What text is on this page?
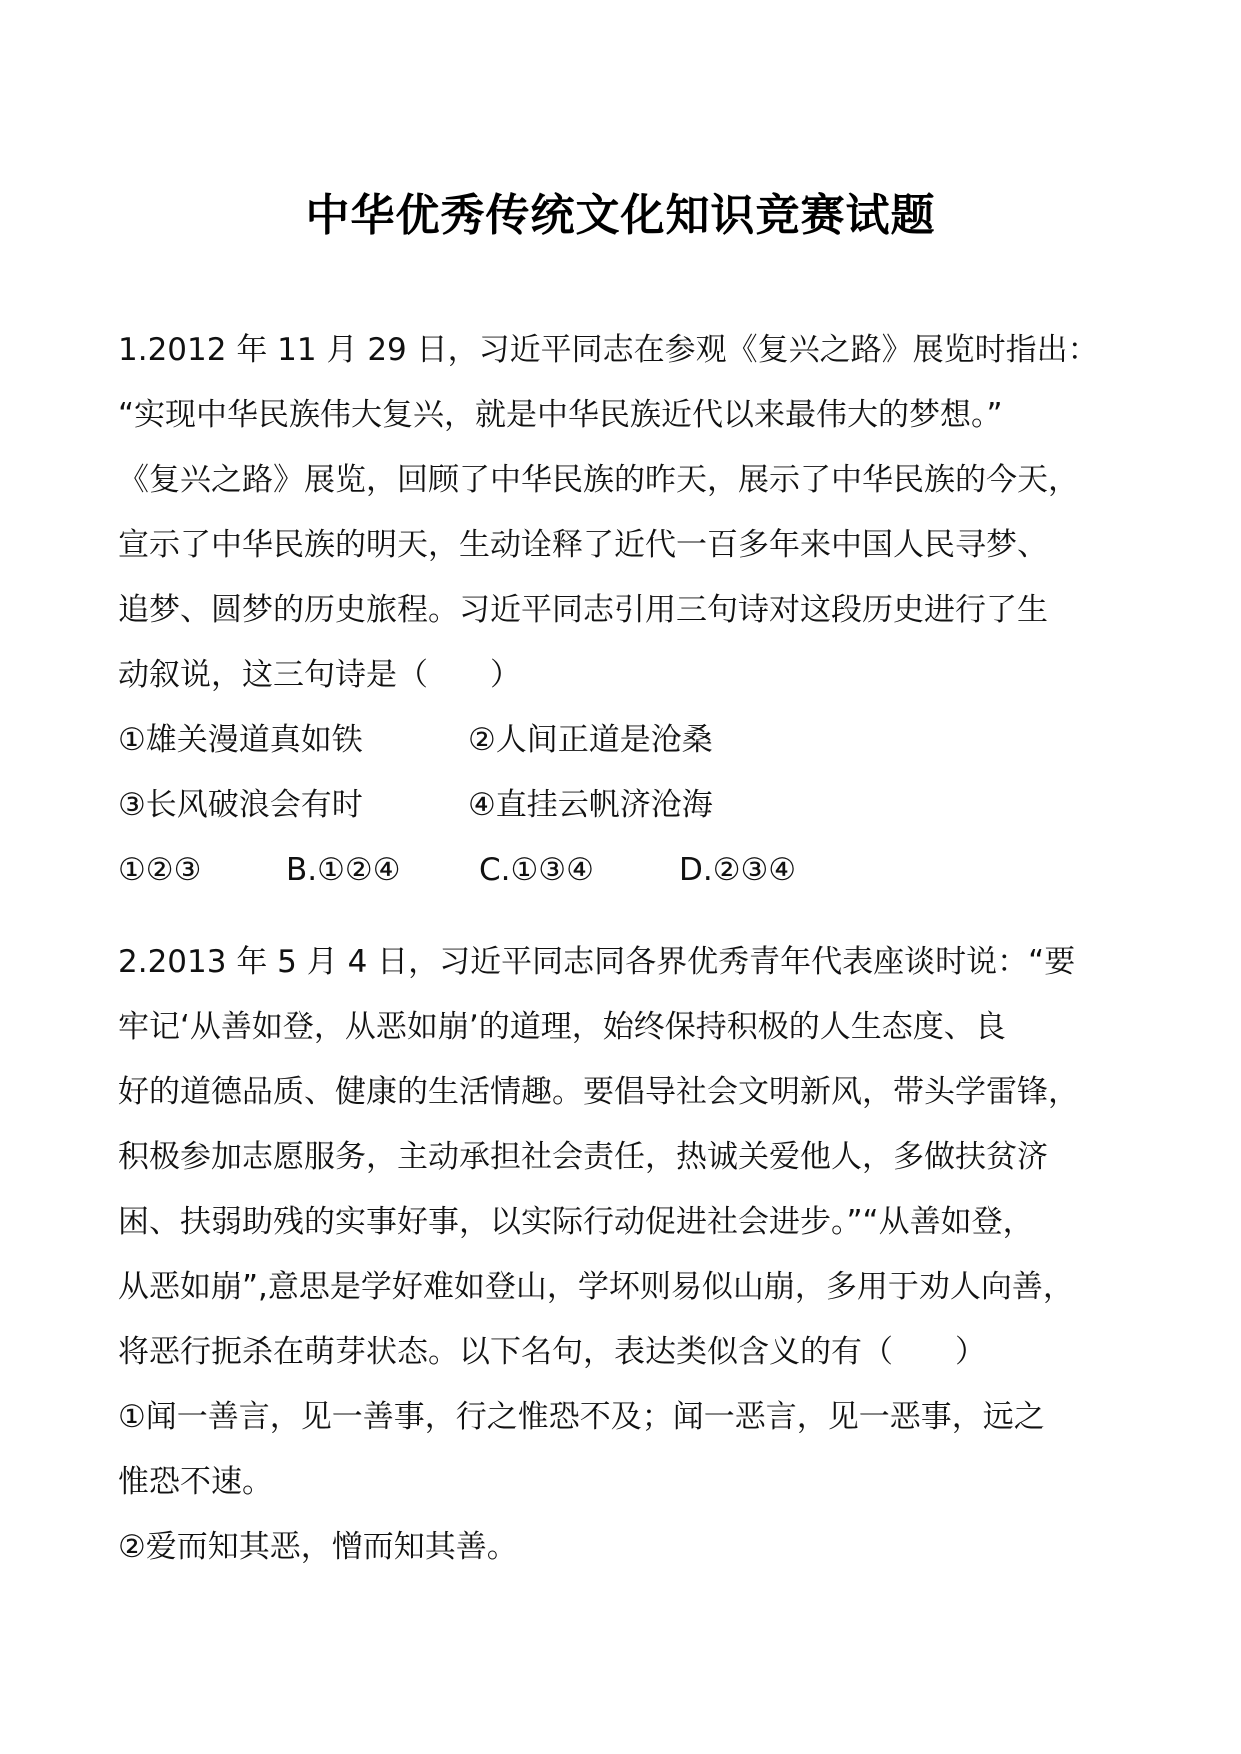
中华优秀传统文化知识竞赛试题
1.2012 年 11 月 29 日，习近平同志在参观《复兴之路》展览时指出：
“实现中华民族伟大复兴，就是中华民族近代以来最伟大的梦想。”
《复兴之路》展览，回顾了中华民族的昨天，展示了中华民族的今天，
宣示了中华民族的明天，生动诠释了近代一百多年来中国人民寻梦、
追梦、圆梦的历史旅程。习近平同志引用三句诗对这段历史进行了生
动叙说，这三句诗是（　　）
①雄关漫道真如铁	②人间正道是沧桑
③长风破浪会有时	④直挂云帆济沧海
①②③	B.①②④	C.①③④	D.②③④
2.2013 年 5 月 4 日，习近平同志同各界优秀青年代表座谈时说：“要
牢记‘从善如登，从恶如崩’的道理，始终保持积极的人生态度、良
好的道德品质、健康的生活情趣。要倡导社会文明新风，带头学雷锋，
积极参加志愿服务，主动承担社会责任，热诚关爱他人，多做扶贫济
困、扶弱助残的实事好事，以实际行动促进社会进步。”“从善如登，
从恶如崩”,意思是学好难如登山，学坏则易似山崩，多用于劝人向善，
将恶行扼杀在萌芽状态。以下名句，表达类似含义的有（　　）
①闻一善言，见一善事，行之惟恐不及；闻一恶言，见一恶事，远之
惟恐不速。
②爱而知其恶，憎而知其善。
